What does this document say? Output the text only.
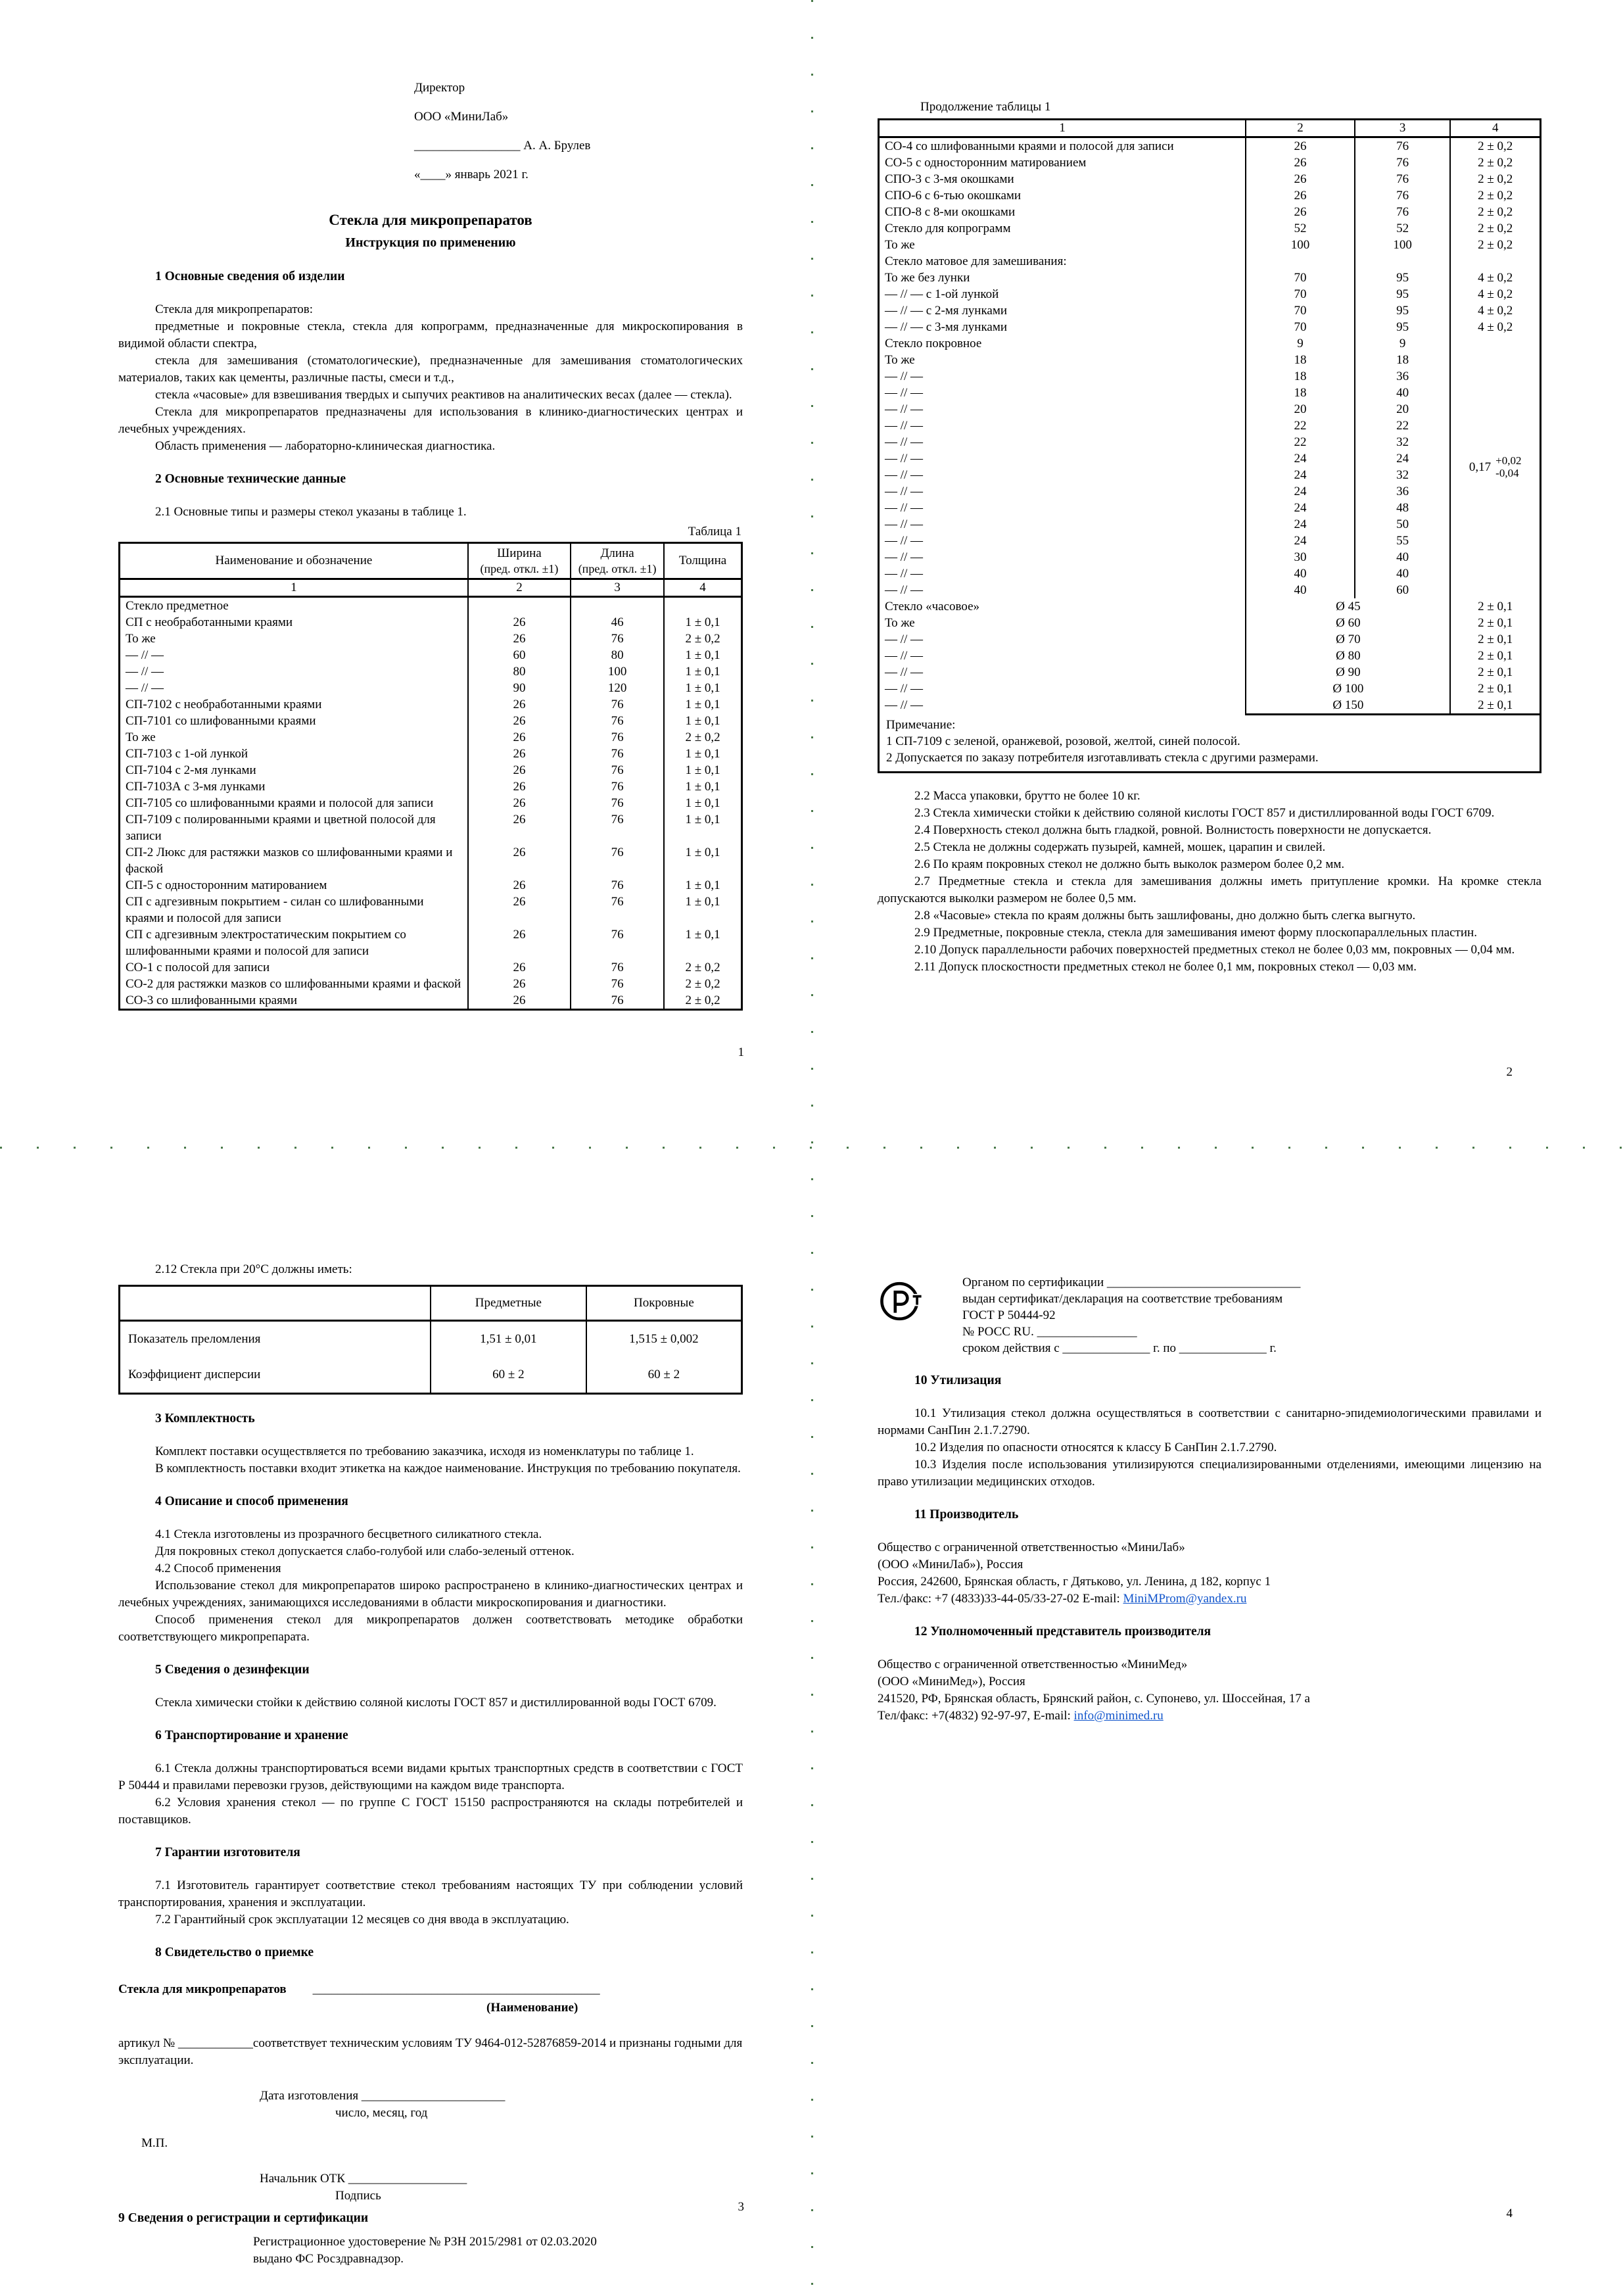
Директор
ООО «МиниЛаб»
_________________ А. А. Брулев
«____» январь 2021 г.
Стекла для микропрепаратов
Инструкция по применению
1 Основные сведения об изделии

Стекла для микропрепаратов:

предметные и покровные стекла, стекла для копрограмм, предназначенные для микроскопирования в видимой области спектра,

стекла для замешивания (стоматологические), предназначенные для замешивания стоматологических материалов, таких как цементы, различные пасты, смеси и т.д.,

стекла «часовые» для взвешивания твердых и сыпучих реактивов на аналитических весах (далее — стекла).

Стекла для микропрепаратов предназначены для использования в клинико-диагностических центрах и лечебных учреждениях.

Область применения — лабораторно-клиническая диагностика.

2 Основные технические данные

2.1 Основные типы и размеры стекол указаны в таблице 1.

Таблица 1
Наименование и обозначение

Ширина
(пред. откл. ±1)

Длина
(пред. откл. ±1)

Толщина

1	2	3	4
Стекло предметное			
СП с необработанными краями	26	46	1 ± 0,1
То же	26	76	2 ± 0,2
— // —	60	80	1 ± 0,1
— // —	80	100	1 ± 0,1
— // —	90	120	1 ± 0,1
СП-7102 с необработанными краями	26	76	1 ± 0,1
СП-7101 со шлифованными краями	26	76	1 ± 0,1
То же	26	76	2 ± 0,2
СП-7103 с 1-ой лункой	26	76	1 ± 0,1
СП-7104 с 2-мя лунками	26	76	1 ± 0,1
СП-7103А с 3-мя лунками	26	76	1 ± 0,1
СП-7105 со шлифованными краями и полосой для записи	26	76	1 ± 0,1
СП-7109 с полированными краями и цветной полосой для записи	26	76	1 ± 0,1
СП-2 Люкс для растяжки мазков со шлифованными краями и фаской	26	76	1 ± 0,1
СП-5 с односторонним матированием	26	76	1 ± 0,1
СП с адгезивным покрытием - силан со шлифованными краями и полосой для записи	26	76	1 ± 0,1
СП с адгезивным электростатическим покрытием со шлифованными краями и полосой для записи	26	76	1 ± 0,1
СО-1 с полосой для записи	26	76	2 ± 0,2
СО-2 для растяжки мазков со шлифованными краями и фаской	26	76	2 ± 0,2
СО-3 со шлифованными краями	26	76	2 ± 0,2
1
Продолжение таблицы 1
1	2	3	4
СО-4 со шлифованными краями и полосой для записи	26	76	2 ± 0,2
СО-5 с односторонним матированием	26	76	2 ± 0,2
СПО-3 с 3-мя окошками	26	76	2 ± 0,2
СПО-6 с 6-тью окошками	26	76	2 ± 0,2
СПО-8 с 8-ми окошками	26	76	2 ± 0,2
Стекло для копрограмм	52	52	2 ± 0,2
То же	100	100	2 ± 0,2
Стекло матовое для замешивания:			
То же без лунки	70	95	4 ± 0,2
— // — с 1-ой лункой	70	95	4 ± 0,2
— // — с 2-мя лунками	70	95	4 ± 0,2
— // — с 3-мя лунками	70	95	4 ± 0,2
Стекло покровное	9	9	0,17 +0,02
-0,04

То же	18	18	
— // —	18	36	
— // —	18	40	
— // —	20	20	
— // —	22	22	
— // —	22	32	
— // —	24	24	
— // —	24	32	
— // —	24	36	
— // —	24	48	
— // —	24	50	
— // —	24	55	
— // —	30	40	
— // —	40	40	
— // —	40	60	
Стекло «часовое»	Ø 45		2 ± 0,1
То же	Ø 60		2 ± 0,1
— // —	Ø 70		2 ± 0,1
— // —	Ø 80		2 ± 0,1
— // —	Ø 90		2 ± 0,1
— // —	Ø 100		2 ± 0,1
— // —	Ø 150		2 ± 0,1

Примечание:

1 СП-7109 с зеленой, оранжевой, розовой, желтой, синей полосой.

2 Допускается по заказу потребителя изготавливать стекла с другими размерами.

2.2 Масса упаковки, брутто не более 10 кг.

2.3 Стекла химически стойки к действию соляной кислоты ГОСТ 857 и дистиллированной воды ГОСТ 6709.

2.4 Поверхность стекол должна быть гладкой, ровной. Волнистость поверхности не допускается.

2.5 Стекла не должны содержать пузырей, камней, мошек, царапин и свилей.

2.6 По краям покровных стекол не должно быть выколок размером более 0,2 мм.

2.7 Предметные стекла и стекла для замешивания должны иметь притупление кромки. На кромке стекла допускаются выколки размером не более 0,5 мм.

2.8 «Часовые» стекла по краям должны быть зашлифованы, дно должно быть слегка выгнуто.

2.9 Предметные, покровные стекла, стекла для замешивания имеют форму плоскопараллельных пластин.

2.10 Допуск параллельности рабочих поверхностей предметных стекол не более 0,03 мм, покровных — 0,04 мм.

2.11 Допуск плоскостности предметных стекол не более 0,1 мм, покровных стекол — 0,03 мм.

2

2.12 Стекла при 20°С должны иметь:

	Предметные	Покровные
Показатель преломления	1,51 ± 0,01	1,515 ± 0,002
Коэффициент дисперсии	60 ± 2	60 ± 2
3 Комплектность

Комплект поставки осуществляется по требованию заказчика, исходя из номенклатуры по таблице 1.

В комплектность поставки входит этикетка на каждое наименование. Инструкция по требованию покупателя.

4 Описание и способ применения

4.1 Стекла изготовлены из прозрачного бесцветного силикатного стекла.

Для покровных стекол допускается слабо-голубой или слабо-зеленый оттенок.

4.2 Способ применения

Использование стекол для микропрепаратов широко распространено в клинико-диагностических центрах и лечебных учреждениях, занимающихся исследованиями в области микроскопирования и диагностики.

Способ применения стекол для микропрепаратов должен соответствовать методике обработки соответствующего микропрепарата.

5 Сведения о дезинфекции

Стекла химически стойки к действию соляной кислоты ГОСТ 857 и дистиллированной воды ГОСТ 6709.

6 Транспортирование и хранение

6.1 Стекла должны транспортироваться всеми видами крытых транспортных средств в соответствии с ГОСТ Р 50444 и правилами перевозки грузов, действующими на каждом виде транспорта.

6.2 Условия хранения стекол — по группе С ГОСТ 15150 распространяются на склады потребителей и поставщиков.

7 Гарантии изготовителя

7.1 Изготовитель гарантирует соответствие стекол требованиям настоящих ТУ при соблюдении условий транспортирования, хранения и эксплуатации.

7.2 Гарантийный срок эксплуатации 12 месяцев со дня ввода в эксплуатацию.

8 Свидетельство о приемке
Стекла для микропрепаратов ______________________________________________
(Наименование)

артикул № ____________соответствует техническим условиям ТУ 9464-012-52876859-2014 и признаны годными для эксплуатации.

Дата изготовления _______________________
число, месяц, год
М.П.
Начальник ОТК ___________________
Подпись
9 Сведения о регистрации и сертификации

Регистрационное удостоверение № РЗН 2015/2981 от 02.03.2020

выдано ФС Росздравнадзор.

3

Органом по сертификации _______________________________

выдан сертификат/декларация на соответствие требованиям

ГОСТ Р 50444-92

№ РОСС RU. ________________

сроком действия с ______________ г. по ______________ г.

10 Утилизация

10.1 Утилизация стекол должна осуществляться в соответствии с санитарно-эпидемиологическими правилами и нормами СанПин 2.1.7.2790.

10.2 Изделия по опасности относятся к классу Б СанПин 2.1.7.2790.

10.3 Изделия после использования утилизируются специализированными отделениями, имеющими лицензию на право утилизации медицинских отходов.

11 Производитель

Общество с ограниченной ответственностью «МиниЛаб»

(ООО «МиниЛаб»), Россия

Россия, 242600, Брянская область, г Дятьково, ул. Ленина, д 182, корпус 1

Тел./факс: +7 (4833)33-44-05/33-27-02 E-mail: MiniMProm@yandex.ru

12 Уполномоченный представитель производителя

Общество с ограниченной ответственностью «МиниМед»

(ООО «МиниМед»), Россия

241520, РФ, Брянская область, Брянский район, с. Супонево, ул. Шоссейная, 17 а

Тел/факс: +7(4832) 92-97-97, E-mail: info@minimed.ru

4
